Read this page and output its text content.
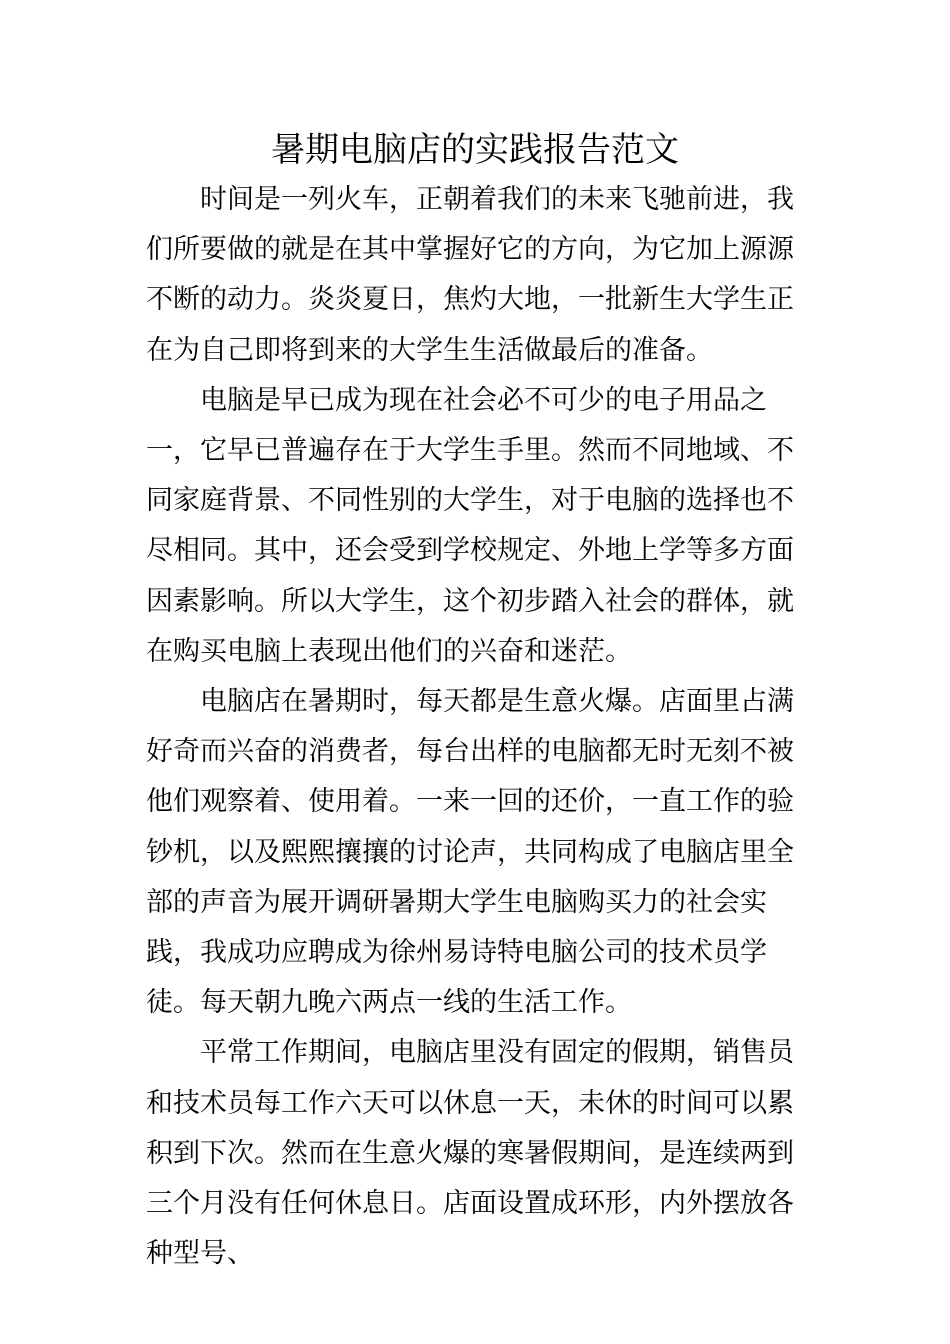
暑期电脑店的实践报告范文

时间是一列火车，正朝着我们的未来飞驰前进，我们所要做的就是在其中掌握好它的方向，为它加上源源不断的动力。炎炎夏日，焦灼大地，一批新生大学生正在为自己即将到来的大学生生活做最后的准备。

电脑是早已成为现在社会必不可少的电子用品之一，它早已普遍存在于大学生手里。然而不同地域、不同家庭背景、不同性别的大学生，对于电脑的选择也不尽相同。其中，还会受到学校规定、外地上学等多方面因素影响。所以大学生，这个初步踏入社会的群体，就在购买电脑上表现出他们的兴奋和迷茫。

电脑店在暑期时，每天都是生意火爆。店面里占满好奇而兴奋的消费者，每台出样的电脑都无时无刻不被他们观察着、使用着。一来一回的还价，一直工作的验钞机，以及熙熙攘攘的讨论声，共同构成了电脑店里全部的声音为展开调研暑期大学生电脑购买力的社会实践，我成功应聘成为徐州易诗特电脑公司的技术员学徒。每天朝九晚六两点一线的生活工作。

平常工作期间，电脑店里没有固定的假期，销售员和技术员每工作六天可以休息一天，未休的时间可以累积到下次。然而在生意火爆的寒暑假期间，是连续两到三个月没有任何休息日。店面设置成环形，内外摆放各种型号、
